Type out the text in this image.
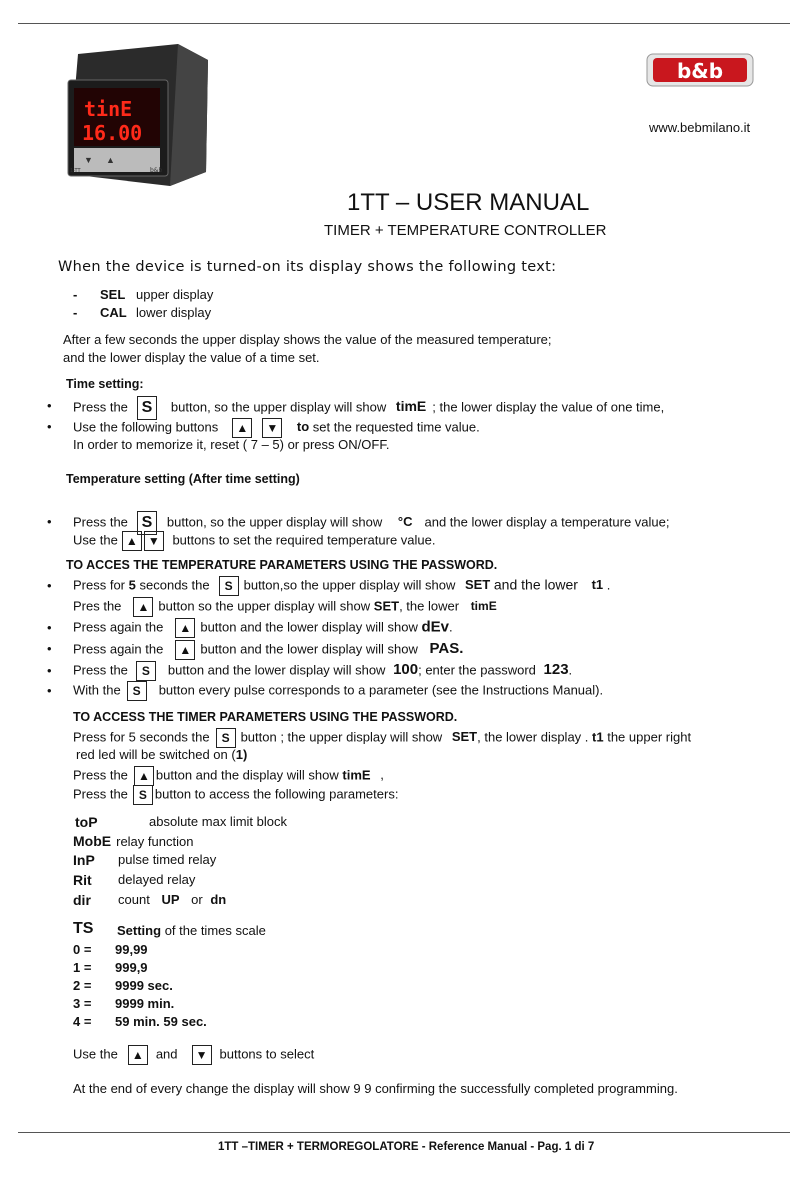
tinE
16.00
▼ ▲
1-TT	b&b
b&b
www.bebmilano.it
1TT – USER MANUAL
TIMER + TEMPERATURE CONTROLLER
When the device is turned-on its display shows the following text:
- SEL upper display
- CAL lower display
After a few seconds the upper display shows the value of the measured temperature;
and the lower display the value of a time set.
Time setting:
• Press the S button, so the upper display will show timE ; the lower display the value of one time,
• Use the following buttons ▲ ▼ to set the requested time value.
In order to memorize it, reset ( 7 – 5) or press ON/OFF.
Temperature setting (After time setting)
• Press the S button, so the upper display will show °C and the lower display a temperature value;
Use the ▲ ▼ buttons to set the required temperature value.
TO ACCES THE TEMPERATURE PARAMETERS USING THE PASSWORD.
• Press for 5 seconds the S button,so the upper display will show SET and the lower t1 .
Pres the ▲ button so the upper display will show SET, the lower timE
• Press again the ▲ button and the lower display will show dEv.
• Press again the ▲ button and the lower display will show PAS.
• Press the S button and the lower display will show 100; enter the password 123.
• With the S button every pulse corresponds to a parameter (see the Instructions Manual).
TO ACCESS THE TIMER PARAMETERS USING THE PASSWORD.
Press for 5 seconds the S button ; the upper display will show SET, the lower display . t1 the upper right
red led will be switched on (1)
Press the ▲ button and the display will show timE ,
Press the S button to access the following parameters:
toP	absolute max limit block
MobE relay function
InP pulse timed relay
Rit delayed relay
dir count UP or dn
TS Setting of the times scale
0 = 99,99
1 = 999,9
2 = 9999 sec.
3 = 9999 min.
4 = 59 min. 59 sec.
Use the ▲ and ▼ buttons to select
At the end of every change the display will show 9 9 confirming the successfully completed programming.
1TT –TIMER + TERMOREGOLATORE - Reference Manual - Pag. 1 di 7
